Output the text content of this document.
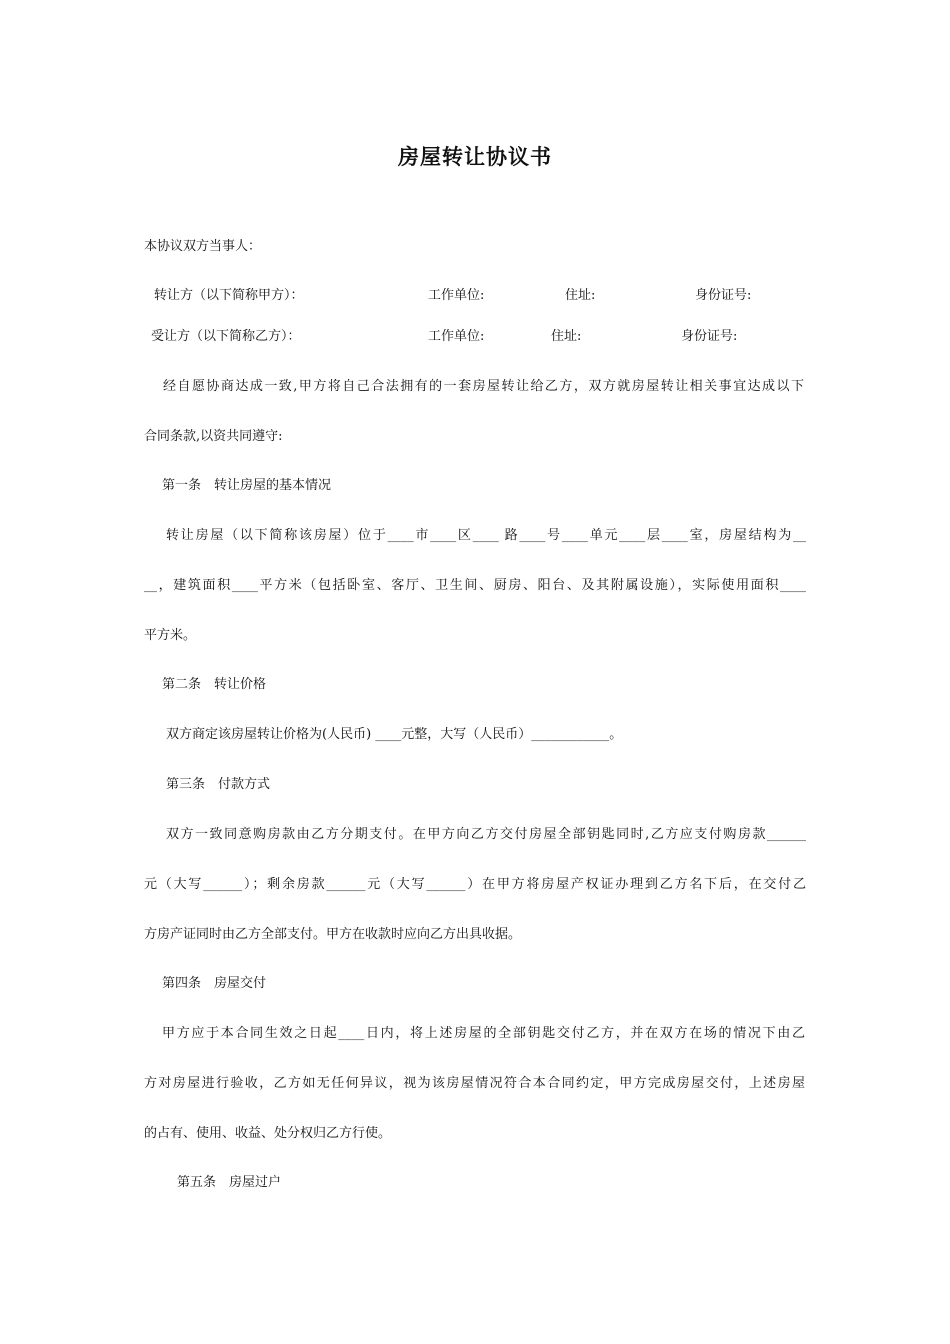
房屋转让协议书
本协议双方当事人：
转让方（以下简称甲方）：	工作单位:	住址:	身份证号:
受让方（以下简称乙方）：	工作单位:	住址:	身份证号:
经自愿协商达成一致,甲方将自己合法拥有的一套房屋转让给乙方，双方就房屋转让相关事宜达成以下
合同条款,以资共同遵守:
第一条　转让房屋的基本情况
转让房屋（以下简称该房屋）位于____市____区____ 路____号____单元____层____室，房屋结构为__
__，建筑面积____平方米（包括卧室、客厅、卫生间、厨房、阳台、及其附属设施），实际使用面积____
平方米。
第二条　转让价格
双方商定该房屋转让价格为(人民币) ____元整，大写（人民币）____________。
第三条　付款方式
双方一致同意购房款由乙方分期支付。在甲方向乙方交付房屋全部钥匙同时,乙方应支付购房款______
元（大写______）；剩余房款______元（大写______）在甲方将房屋产权证办理到乙方名下后，在交付乙
方房产证同时由乙方全部支付。甲方在收款时应向乙方出具收据。
第四条　房屋交付
甲方应于本合同生效之日起____日内，将上述房屋的全部钥匙交付乙方，并在双方在场的情况下由乙
方对房屋进行验收，乙方如无任何异议，视为该房屋情况符合本合同约定，甲方完成房屋交付，上述房屋
的占有、使用、收益、处分权归乙方行使。
第五条　房屋过户
